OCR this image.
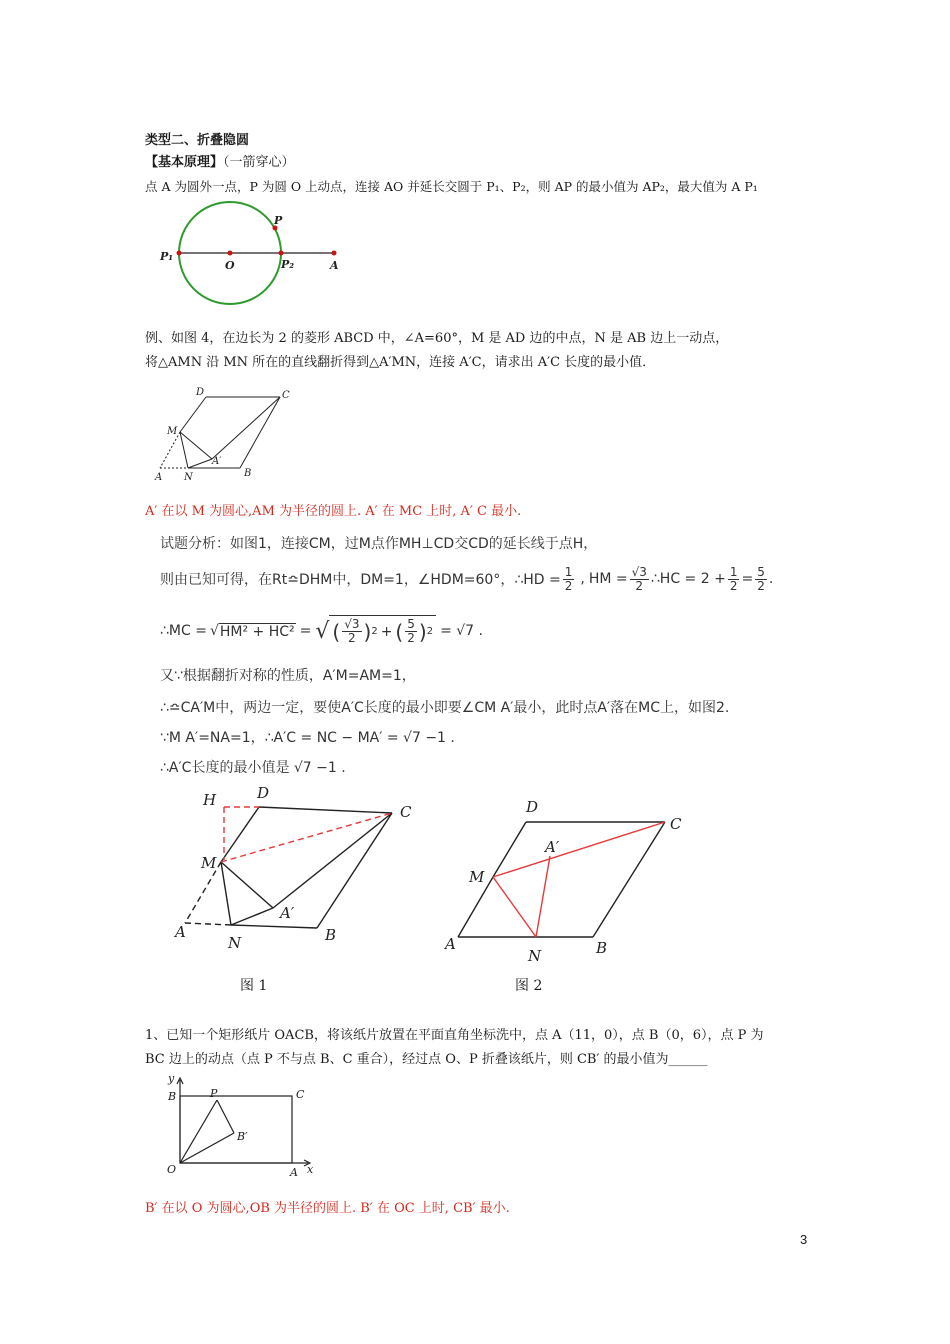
类型二、折叠隐圆
【基本原理】（一箭穿心）
点 A 为圆外一点，P 为圆 O 上动点，连接 AO 并延长交圆于 P₁、P₂，则 AP 的最小值为 AP₂，最大值为 A P₁
P
P₁
O	P₂	A
例、如图 4，在边长为 2 的菱形 ABCD 中，∠A=60°，M 是 AD 边的中点，N 是 AB 边上一动点，
将△AMN 沿 MN 所在的直线翻折得到△A′MN，连接 A′C，请求出 A′C 长度的最小值．
D	C
M
A′
A N	B
A′ 在以 M 为圆心,AM 为半径的圆上. A′ 在 MC 上时, A′ C 最小.
试题分析：如图1，连接CM，过M点作MH⊥CD交CD的延长线于点H，
则由已知可得，在Rt≏DHM中，DM=1，∠HDM=60°，∴HD = $\frac{1}{2}$ , HM = $\frac{√3}{2}$ ∴HC = $2 + \frac{1}{2} = \frac{5}{2}$ .
∴MC = √ HM² + HC² = √ ( $\frac{√3}{2}$ ) 2 + ( $\frac{5}{2}$ ) 2 = √7 .
又∵根据翻折对称的性质，A′M=AM=1，
∴≏CA′M中，两边一定，要使A′C长度的最小即要∠CM A′最小，此时点A′落在MC上，如图2.
∵M A′=NA=1，∴A′C = NC − MA′ = √7 −1 .
∴A′C长度的最小值是 √7 −1 .
H	D
C
M
A′
A
N	B
图 1
D
C
A′
M
A
N	B
图 2
1、已知一个矩形纸片 OACB，将该纸片放置在平面直角坐标洗中，点 A（11，0），点 B（0，6），点 P 为
BC 边上的动点（点 P 不与点 B、C 重合），经过点 O、P 折叠该纸片，则 CB′ 的最小值为______
y
B	P	C
B′
O	A x
B′ 在以 O 为圆心,OB 为半径的圆上. B′ 在 OC 上时, CB′ 最小.
3
